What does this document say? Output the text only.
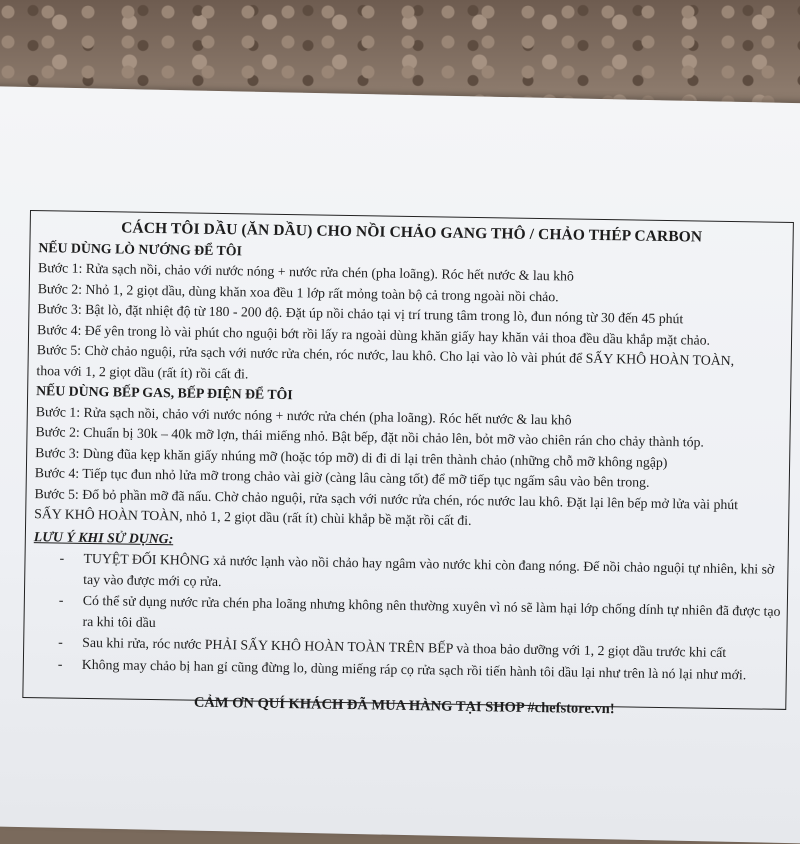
CÁCH TÔI DẦU (ĂN DẦU) CHO NỒI CHẢO GANG THÔ / CHẢO THÉP CARBON
NẾU DÙNG LÒ NƯỚNG ĐỂ TÔI
Bước 1: Rửa sạch nồi, chảo với nước nóng + nước rửa chén (pha loãng). Róc hết nước & lau khô
Bước 2: Nhỏ 1, 2 giọt dầu, dùng khăn xoa đều 1 lớp rất mỏng toàn bộ cả trong ngoài nồi chảo.
Bước 3: Bật lò, đặt nhiệt độ từ 180 - 200 độ. Đặt úp nồi chảo tại vị trí trung tâm trong lò, đun nóng từ 30 đến 45 phút
Bước 4: Để yên trong lò vài phút cho nguội bớt rồi lấy ra ngoài dùng khăn giấy hay khăn vải thoa đều dầu khắp mặt chảo.
Bước 5: Chờ chảo nguội, rửa sạch với nước rửa chén, róc nước, lau khô. Cho lại vào lò vài phút để SẤY KHÔ HOÀN TOÀN,
thoa với 1, 2 giọt dầu (rất ít) rồi cất đi.
NẾU DÙNG BẾP GAS, BẾP ĐIỆN ĐỂ TÔI
Bước 1: Rửa sạch nồi, chảo với nước nóng + nước rửa chén (pha loãng). Róc hết nước & lau khô
Bước 2: Chuẩn bị 30k – 40k mỡ lợn, thái miếng nhỏ. Bật bếp, đặt nồi chảo lên, bỏt mỡ vào chiên rán cho chảy thành tóp.
Bước 3: Dùng đũa kẹp khăn giấy nhúng mỡ (hoặc tóp mỡ) di đi di lại trên thành chảo (những chỗ mỡ không ngập)
Bước 4: Tiếp tục đun nhỏ lửa mỡ trong chảo vài giờ (càng lâu càng tốt) để mỡ tiếp tục ngấm sâu vào bên trong.
Bước 5: Đổ bỏ phần mỡ đã nấu. Chờ chảo nguội, rửa sạch với nước rửa chén, róc nước lau khô. Đặt lại lên bếp mở lửa vài phút
SẤY KHÔ HOÀN TOÀN, nhỏ 1, 2 giọt dầu (rất ít) chùi khắp bề mặt rồi cất đi.
LƯU Ý KHI SỬ DỤNG:
- TUYỆT ĐỐI KHÔNG xả nước lạnh vào nồi chảo hay ngâm vào nước khi còn đang nóng. Để nồi chảo nguội tự nhiên, khi sờ tay vào được mới cọ rửa.
- Có thể sử dụng nước rửa chén pha loãng nhưng không nên thường xuyên vì nó sẽ làm hại lớp chống dính tự nhiên đã được tạo ra khi tôi dầu
- Sau khi rửa, róc nước PHẢI SẤY KHÔ HOÀN TOÀN TRÊN BẾP và thoa bảo dưỡng với 1, 2 giọt dầu trước khi cất
- Không may chảo bị han gỉ cũng đừng lo, dùng miếng ráp cọ rửa sạch rồi tiến hành tôi dầu lại như trên là nó lại như mới.
CẢM ƠN QUÍ KHÁCH ĐÃ MUA HÀNG TẠI SHOP #chefstore.vn!
